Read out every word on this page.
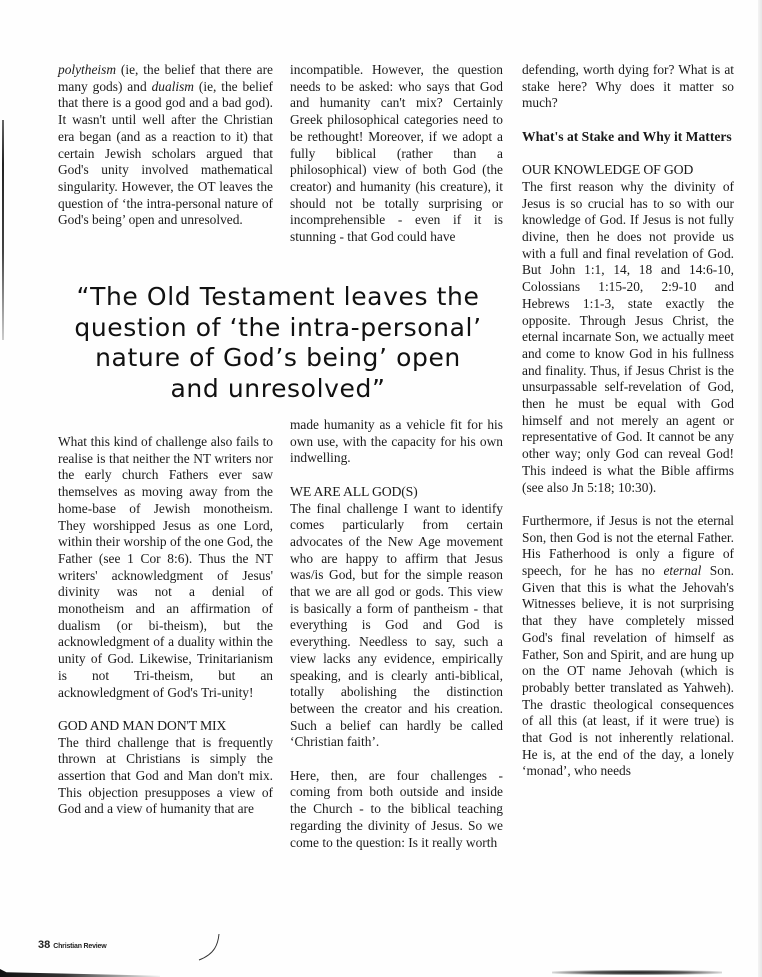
polytheism (ie, the belief that there are many gods) and dualism (ie, the belief that there is a good god and a bad god). It wasn't until well after the Christian era began (and as a reaction to it) that certain Jewish scholars argued that God's unity involved mathematical singularity. However, the OT leaves the question of ‘the intra-personal nature of God's being’ open and unresolved.

incompatible. However, the question needs to be asked: who says that God and humanity can't mix? Certainly Greek philosophical categories need to be rethought! Moreover, if we adopt a fully biblical (rather than a philosophical) view of both God (the creator) and humanity (his creature), it should not be totally surprising or incomprehensible - even if it is stunning - that God could have

“The Old Testament leaves the
question of ‘the intra-personal’
nature of God’s being’ open
and unresolved”

What this kind of challenge also fails to realise is that neither the NT writers nor the early church Fathers ever saw themselves as moving away from the home-base of Jewish monotheism. They worshipped Jesus as one Lord, within their worship of the one God, the Father (see 1 Cor 8:6). Thus the NT writers' acknowledgment of Jesus' divinity was not a denial of monotheism and an affirmation of dualism (or bi-theism), but the acknowledgment of a duality within the unity of God. Likewise, Trinitarianism is not Tri-theism, but an acknowledgment of God's Tri-unity!

GOD AND MAN DON'T MIX
The third challenge that is frequently thrown at Christians is simply the assertion that God and Man don't mix. This objection presupposes a view of God and a view of humanity that are

made humanity as a vehicle fit for his own use, with the capacity for his own indwelling.

WE ARE ALL GOD(S)
The final challenge I want to identify comes particularly from certain advocates of the New Age movement who are happy to affirm that Jesus was/is God, but for the simple reason that we are all god or gods. This view is basically a form of pantheism - that everything is God and God is everything. Needless to say, such a view lacks any evidence, empirically speaking, and is clearly anti-biblical, totally abolishing the distinction between the creator and his creation. Such a belief can hardly be called ‘Christian faith’.

Here, then, are four challenges - coming from both outside and inside the Church - to the biblical teaching regarding the divinity of Jesus. So we come to the question: Is it really worth

defending, worth dying for? What is at stake here? Why does it matter so much?

What's at Stake and Why it Matters

OUR KNOWLEDGE OF GOD
The first reason why the divinity of Jesus is so crucial has to so with our knowledge of God. If Jesus is not fully divine, then he does not provide us with a full and final revelation of God. But John 1:1, 14, 18 and 14:6-10, Colossians 1:15-20, 2:9-10 and Hebrews 1:1-3, state exactly the opposite. Through Jesus Christ, the eternal incarnate Son, we actually meet and come to know God in his fullness and finality. Thus, if Jesus Christ is the unsurpassable self-revelation of God, then he must be equal with God himself and not merely an agent or representative of God. It cannot be any other way; only God can reveal God! This indeed is what the Bible affirms (see also Jn 5:18; 10:30).

Furthermore, if Jesus is not the eternal Son, then God is not the eternal Father. His Fatherhood is only a figure of speech, for he has no eternal Son. Given that this is what the Jehovah's Witnesses believe, it is not surprising that they have completely missed God's final revelation of himself as Father, Son and Spirit, and are hung up on the OT name Jehovah (which is probably better translated as Yahweh). The drastic theological consequences of all this (at least, if it were true) is that God is not inherently relational. He is, at the end of the day, a lonely ‘monad’, who needs

38 Christian Review
